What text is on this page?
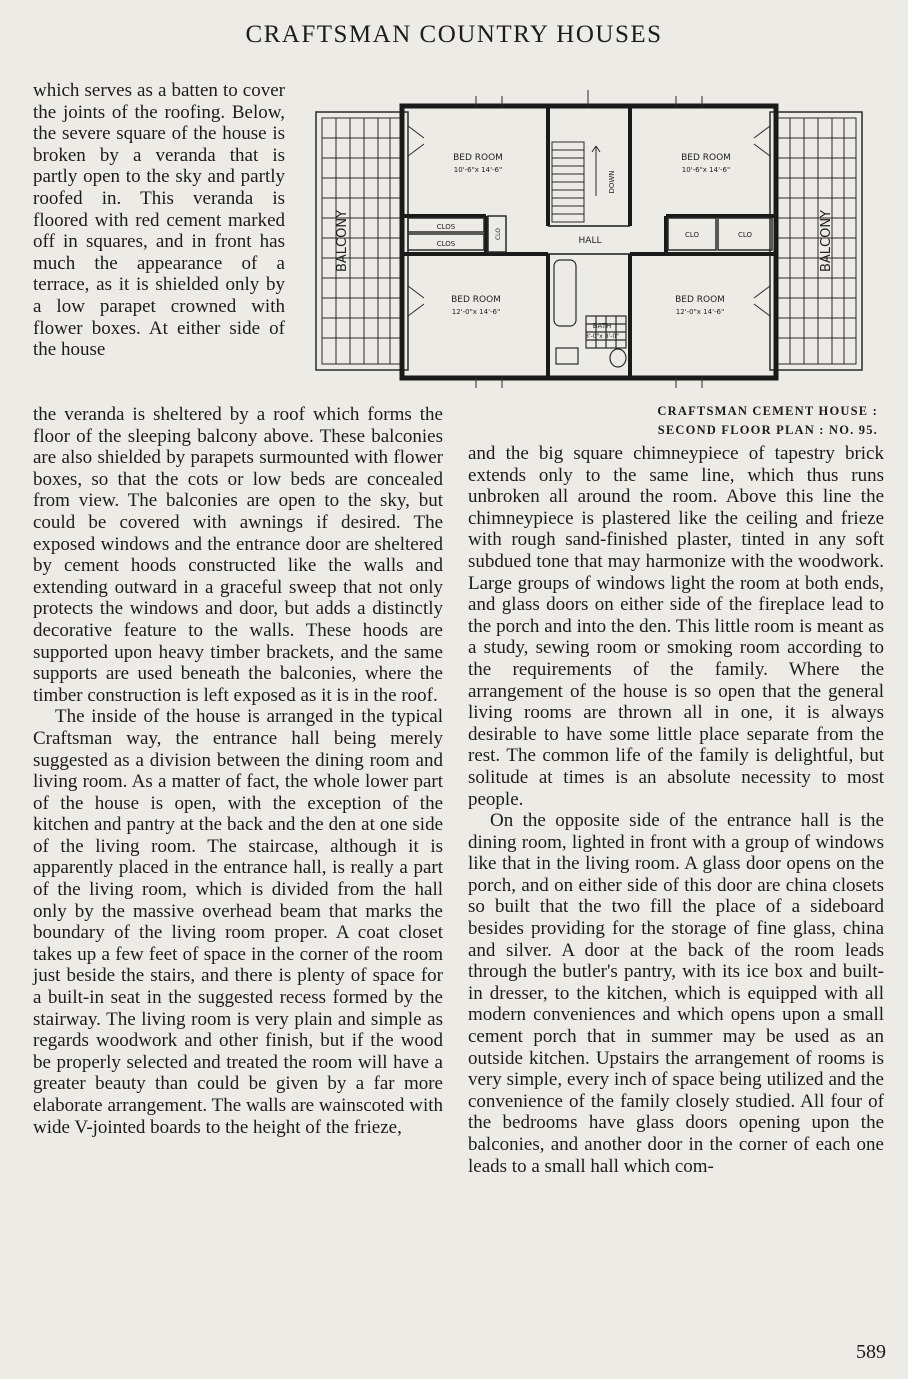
CRAFTSMAN COUNTRY HOUSES

which serves as a batten to cover the joints of the roofing. Below, the severe square of the house is broken by a veranda that is partly open to the sky and partly roofed in. This veranda is floored with red cement marked off in squares, and in front has much the appearance of a terrace, as it is shielded only by a low parapet crowned with flower boxes. At either side of the house

BALCONY	BALCONY
BED ROOM
10'-6"x 14'-6"
BED ROOM
10'-6"x 14'-6"
BED ROOM
12'-0"x 14'-6"
BED ROOM
12'-0"x 14'-6"
HALL
CLOS
CLOS
CLO	CLO	CLO
DOWN
BATH
8'-0"x 8'-0"
CRAFTSMAN CEMENT HOUSE :
SECOND FLOOR PLAN : NO. 95.

the veranda is sheltered by a roof which forms the floor of the sleeping balcony above. These balconies are also shielded by parapets surmounted with flower boxes, so that the cots or low beds are concealed from view. The balconies are open to the sky, but could be covered with awnings if desired. The exposed windows and the entrance door are sheltered by cement hoods constructed like the walls and extending outward in a graceful sweep that not only protects the windows and door, but adds a distinctly decorative feature to the walls. These hoods are supported upon heavy timber brackets, and the same supports are used beneath the balconies, where the timber construction is left exposed as it is in the roof.

The inside of the house is arranged in the typical Craftsman way, the entrance hall being merely suggested as a division between the dining room and living room. As a matter of fact, the whole lower part of the house is open, with the exception of the kitchen and pantry at the back and the den at one side of the living room. The staircase, although it is apparently placed in the entrance hall, is really a part of the living room, which is divided from the hall only by the massive overhead beam that marks the boundary of the living room proper. A coat closet takes up a few feet of space in the corner of the room just beside the stairs, and there is plenty of space for a built-in seat in the suggested recess formed by the stairway. The living room is very plain and simple as regards woodwork and other finish, but if the wood be properly selected and treated the room will have a greater beauty than could be given by a far more elaborate arrangement. The walls are wainscoted with wide V-jointed boards to the height of the frieze,

and the big square chimneypiece of tapestry brick extends only to the same line, which thus runs unbroken all around the room. Above this line the chimneypiece is plastered like the ceiling and frieze with rough sand-finished plaster, tinted in any soft subdued tone that may harmonize with the woodwork. Large groups of windows light the room at both ends, and glass doors on either side of the fireplace lead to the porch and into the den. This little room is meant as a study, sewing room or smoking room according to the requirements of the family. Where the arrangement of the house is so open that the general living rooms are thrown all in one, it is always desirable to have some little place separate from the rest. The common life of the family is delightful, but solitude at times is an absolute necessity to most people.

On the opposite side of the entrance hall is the dining room, lighted in front with a group of windows like that in the living room. A glass door opens on the porch, and on either side of this door are china closets so built that the two fill the place of a sideboard besides providing for the storage of fine glass, china and silver. A door at the back of the room leads through the butler's pantry, with its ice box and built-in dresser, to the kitchen, which is equipped with all modern conveniences and which opens upon a small cement porch that in summer may be used as an outside kitchen. Upstairs the arrangement of rooms is very simple, every inch of space being utilized and the convenience of the family closely studied. All four of the bedrooms have glass doors opening upon the balconies, and another door in the corner of each one leads to a small hall which com-

589
